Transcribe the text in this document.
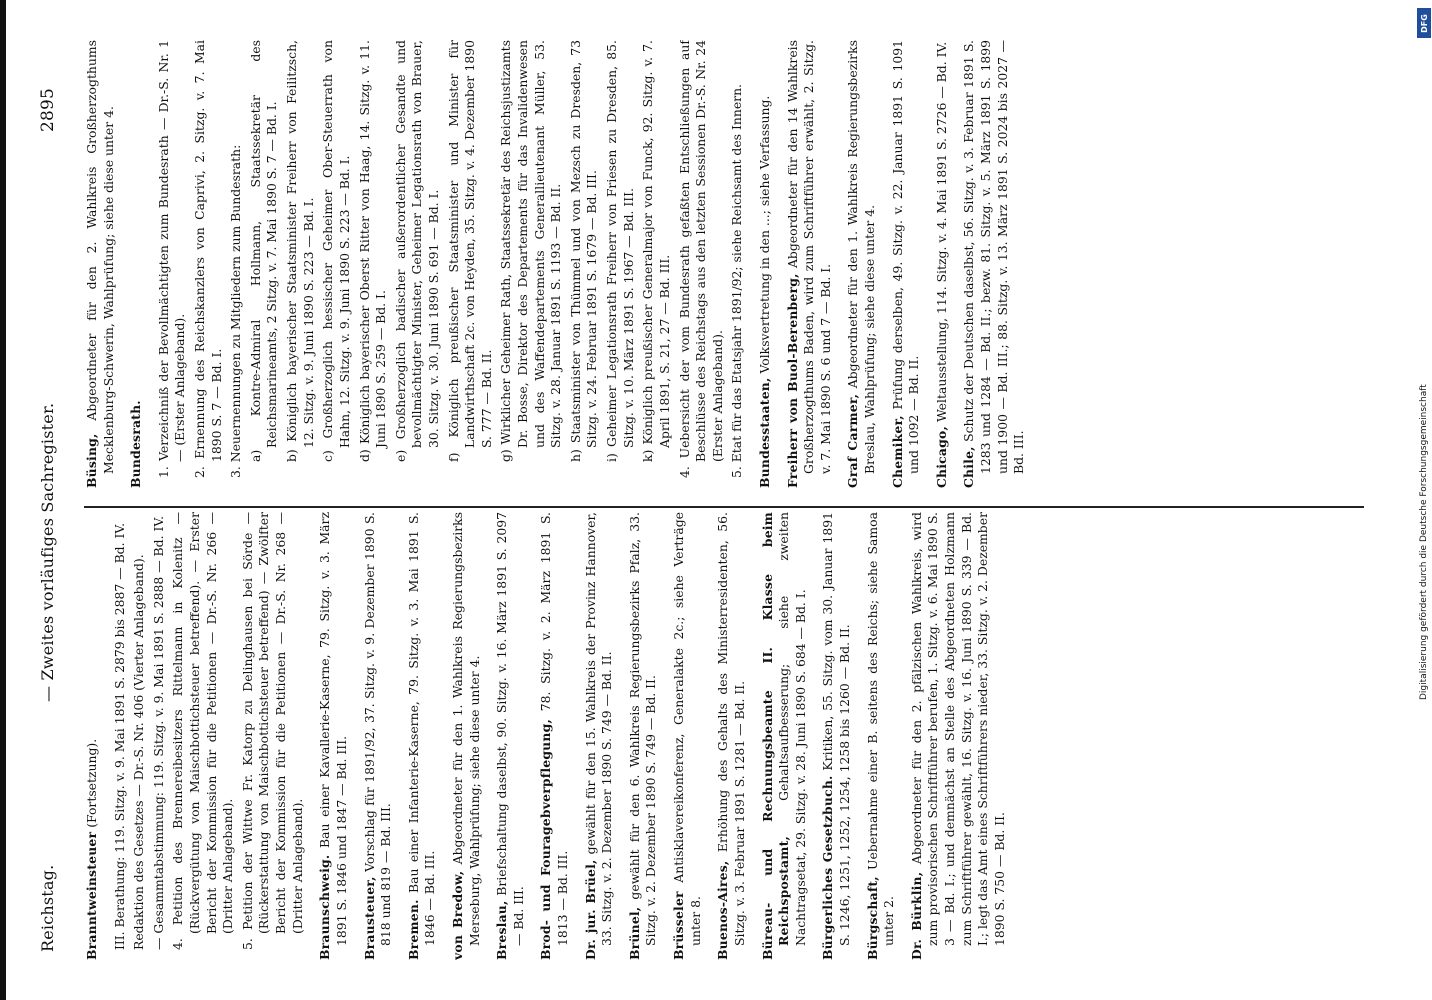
Reichstag.
— Zweites vorläufiges Sachregister.
2895
Branntweinsteuer (Fortsetzung). III. Berathung: 119. Sitzg. v. 9. Mai 1891 S. 2879 bis 2887 — Bd. IV. Redaktion des Gesetzes — Dr.-S. Nr. 406 (Vierter Anlageband). — Gesammtabstimmung: 119. Sitzg. v. 9. Mai 1891 S. 2888 — Bd. IV. 4. Petition des Brennereibesitzers Rittelmann in Kolenitz — (Rückvergütung von Maischbottichsteuer betreffend). — Erster Bericht der Kommission für die Petitionen — Dr.-S. Nr. 266 — (Dritter Anlageband). 5. Petition der Wittwe Fr. Katorp zu Delinghausen bei Sörde — (Rückerstattung von Maischbottichsteuer betreffend) — Zwölfter Bericht der Kommission für die Petitionen — Dr.-S. Nr. 268 — (Dritter Anlageband). Braunschweig. Bau einer Kavallerie-Kaserne, 79. Sitzg. v. 3. März 1891 S. 1846 und 1847 — Bd. III. Brausteuer, Vorschlag für 1891/92, 37. Sitzg. v. 9. Dezember 1890 S. 818 und 819 — Bd. III. Bremen. Bau einer Infanterie-Kaserne, 79. Sitzg. v. 3. Mai 1891 S. 1846 — Bd. III. von Bredow, Abgeordneter für den 1. Wahlkreis Regierungsbezirks Merseburg, Wahlprüfung; siehe diese unter 4. Breslau, Briefschaltung daselbst, 90. Sitzg. v. 16. März 1891 S. 2097 — Bd. III. Brod- und Fouragebverpflegung, 78. Sitzg. v. 2. März 1891 S. 1813 — Bd. III. Dr. jur. Brüel, gewählt für den 15. Wahlkreis der Provinz Hannover, 33. Sitzg. v. 2. Dezember 1890 S. 749 — Bd. II. Brünel, gewählt für den 6. Wahlkreis Regierungsbezirks Pfalz, 33. Sitzg. v. 2. Dezember 1890 S. 749 — Bd. II. Brüsseler Antisklavereikonferenz, Generalakte 2c.; siehe Verträge unter 8. Buenos-Aires, Erhöhung des Gehalts des Ministerresidenten, 56. Sitzg. v. 3. Februar 1891 S. 1281 — Bd. II. Büreau- und Rechnungsbeamte II. Klasse beim Reichspostamt, Gehaltsaufbesserung; siehe zweiten Nachtragsetat, 29. Sitzg. v. 28. Juni 1890 S. 684 — Bd. I. Bürgerliches Gesetzbuch. Kritiken, 55. Sitzg. vom 30. Januar 1891 S. 1246, 1251, 1252, 1254, 1258 bis 1260 — Bd. II. Bürgschaft, Uebernahme einer B. seitens des Reichs; siehe Samoa unter 2. Dr. Bürklin, Abgeordneter für den 2. pfälzischen Wahlkreis, wird zum provisorischen Schriftführer berufen, 1. Sitzg. v. 6. Mai 1890 S. 3 — Bd. I.; und demnächst an Stelle des Abgeordneten Holzmann zum Schriftführer gewählt, 16. Sitzg. v. 16. Juni 1890 S. 339 — Bd. I.; legt das Amt eines Schriftführers nieder, 33. Sitzg. v. 2. Dezember 1890 S. 750 — Bd. II.
Büsing, Abgeordneter für den 2. Wahlkreis Großherzogthums Mecklenburg-Schwerin, Wahlprüfung; siehe diese unter 4. Bundesrath. 1. Verzeichniß der Bevollmächtigten zum Bundesrath — Dr.-S. Nr. 1 — (Erster Anlageband). 2. Ernennung des Reichskanzlers von Caprivi, 2. Sitzg. v. 7. Mai 1890 S. 7 — Bd. I. 3. Neuernennungen zu Mitgliedern zum Bundesrath: a) Kontre-Admiral Hollmann, Staatssekretär des Reichsmarineamts, 2 Sitzg. v. 7. Mai 1890 S. 7 — Bd. I. b) Königlich bayerischer Staatsminister Freiherr von Feilitzsch, 12. Sitzg. v. 9. Juni 1890 S. 223 — Bd. I. c) Großherzoglich hessischer Geheimer Ober-Steuerrath von Hahn, 12. Sitzg. v. 9. Juni 1890 S. 223 — Bd. I. d) Königlich bayerischer Oberst Ritter von Haag, 14. Sitzg. v. 11. Juni 1890 S. 259 — Bd. I. e) Großherzoglich badischer außerordentlicher Gesandte und bevollmächtigter Minister, Geheimer Legationsrath von Brauer, 30. Sitzg. v. 30. Juni 1890 S. 691 — Bd. I. f) Königlich preußischer Staatsminister und Minister für Landwirthschaft 2c. von Heyden, 35. Sitzg. v. 4. Dezember 1890 S. 777 — Bd. II. g) Wirklicher Geheimer Rath, Staatssekretär des Reichsjustizamts Dr. Bosse, Direktor des Departements für das Invalidenwesen und des Waffendepartements Generallieutenant Müller, 53. Sitzg. v. 28. Januar 1891 S. 1193 — Bd. II. h) Staatsminister von Thümmel und von Mezsch zu Dresden, 73 Sitzg. v. 24. Februar 1891 S. 1679 — Bd. III. i) Geheimer Legationsrath Freiherr von Friesen zu Dresden, 85. Sitzg. v. 10. März 1891 S. 1967 — Bd. III. k) Königlich preußischer Generalmajor von Funck, 92. Sitzg. v. 7. April 1891, S. 21, 27 — Bd. III. 4. Uebersicht der vom Bundesrath gefaßten Entschließungen auf Beschlüsse des Reichstags aus den letzten Sessionen Dr.-S. Nr. 24 (Erster Anlageband). 5. Etat für das Etatsjahr 1891/92; siehe Reichsamt des Innern. Bundesstaaten, Volksvertretung in den ...; siehe Verfassung.
Freiherr von Buol-Berenberg, Abgeordneter für den 14 Wahlkreis Großherzogthums Baden, wird zum Schriftführer erwählt, 2. Sitzg. v. 7. Mai 1890 S. 6 und 7 — Bd. I. Graf Carmer, Abgeordneter für den 1. Wahlkreis Regierungsbezirks Breslau, Wahlprüfung; siehe diese unter 4. Chemiker, Prüfung derselben, 49. Sitzg. v. 22. Januar 1891 S. 1091 und 1092 — Bd. II. Chicago, Weltausstellung, 114. Sitzg. v. 4. Mai 1891 S. 2726 — Bd. IV.
Chile, Schutz der Deutschen daselbst, 56. Sitzg. v. 3. Februar 1891 S. 1283 und 1284 — Bd. II.; bezw. 81. Sitzg. v. 5. März 1891 S. 1899 und 1900 — Bd. III.; 88. Sitzg. v. 13. März 1891 S. 2024 bis 2027 — Bd. III.
DFG
Digitalisierung gefördert durch die Deutsche Forschungsgemeinschaft
